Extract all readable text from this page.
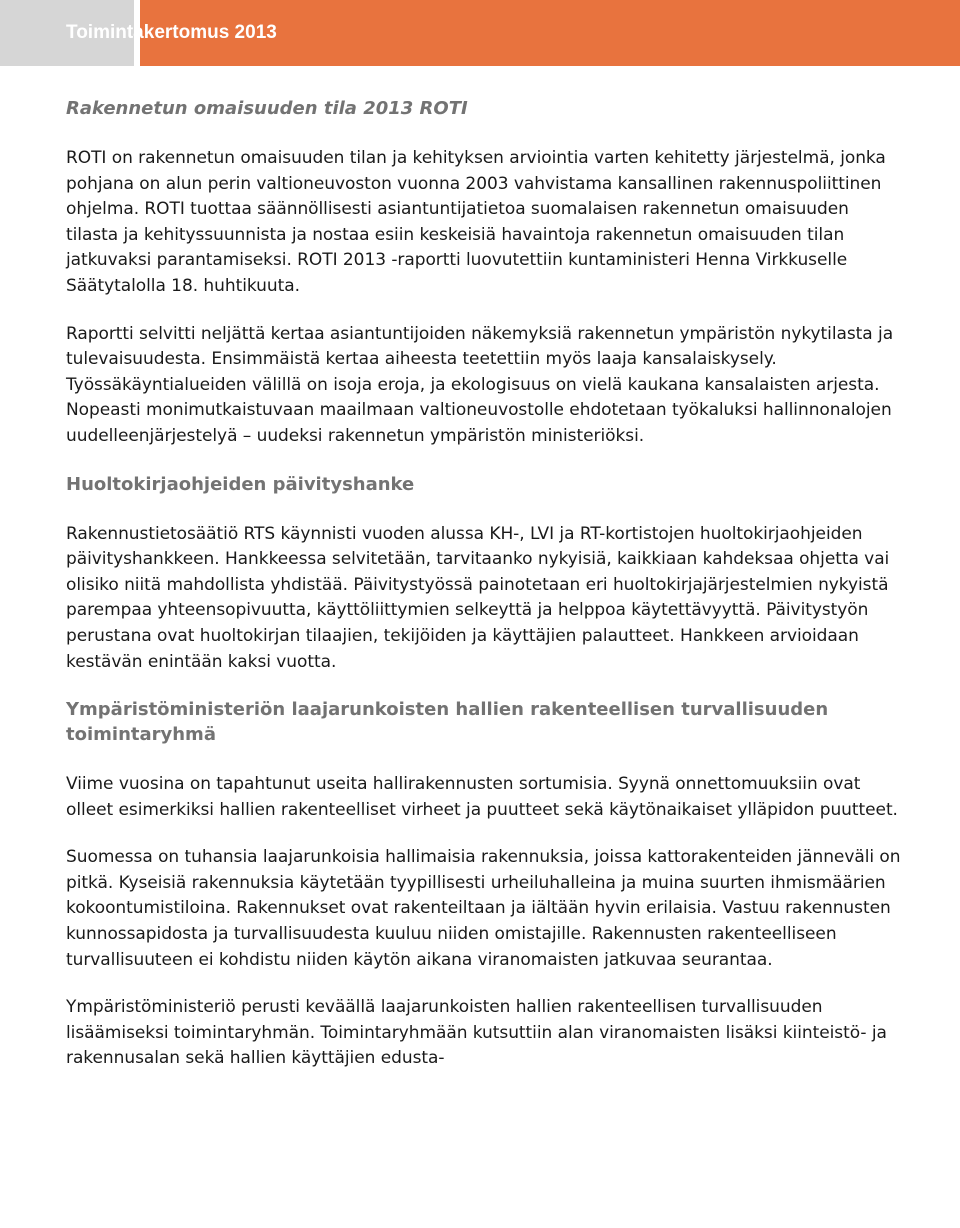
Toimintakertomus 2013
Rakennetun omaisuuden tila 2013 ROTI

ROTI on rakennetun omaisuuden tilan ja kehityksen arviointia varten kehitetty järjestelmä, jonka pohjana on alun perin valtioneuvoston vuonna 2003 vahvistama kansallinen rakennuspoliittinen ohjelma. ROTI tuottaa säännöllisesti asiantuntijatietoa suomalaisen rakennetun omaisuuden tilasta ja kehityssuunnista ja nostaa esiin keskeisiä havaintoja rakennetun omaisuuden tilan jatkuvaksi parantamiseksi. ROTI 2013 -raportti luovutettiin kuntaministeri Henna Virkkuselle Säätytalolla 18. huhtikuuta.

Raportti selvitti neljättä kertaa asiantuntijoiden näkemyksiä rakennetun ympäristön nykytilasta ja tulevaisuudesta. Ensimmäistä kertaa aiheesta teetettiin myös laaja kansalaiskysely. Työssäkäyntialueiden välillä on isoja eroja, ja ekologisuus on vielä kaukana kansalaisten arjesta. Nopeasti monimutkaistuvaan maailmaan valtioneuvostolle ehdotetaan työkaluksi hallinnonalojen uudelleenjärjestelyä – uudeksi rakennetun ympäristön ministeriöksi.

Huoltokirjaohjeiden päivityshanke

Rakennustietosäätiö RTS käynnisti vuoden alussa KH-, LVI ja RT-kortistojen huoltokirjaohjeiden päivityshankkeen. Hankkeessa selvitetään, tarvitaanko nykyisiä, kaikkiaan kahdeksaa ohjetta vai olisiko niitä mahdollista yhdistää. Päivitystyössä painotetaan eri huoltokirjajärjestelmien nykyistä parempaa yhteensopivuutta, käyttöliittymien selkeyttä ja helppoa käytettävyyttä. Päivitystyön perustana ovat huoltokirjan tilaajien, tekijöiden ja käyttäjien palautteet. Hankkeen arvioidaan kestävän enintään kaksi vuotta.

Ympäristöministeriön laajarunkoisten hallien rakenteellisen turvallisuuden toimintaryhmä

Viime vuosina on tapahtunut useita hallirakennusten sortumisia. Syynä onnettomuuksiin ovat olleet esimerkiksi hallien rakenteelliset virheet ja puutteet sekä käytönaikaiset ylläpidon puutteet.

Suomessa on tuhansia laajarunkoisia hallimaisia rakennuksia, joissa kattorakenteiden jänneväli on pitkä. Kyseisiä rakennuksia käytetään tyypillisesti urheiluhalleina ja muina suurten ihmismäärien kokoontumistiloina. Rakennukset ovat rakenteiltaan ja iältään hyvin erilaisia. Vastuu rakennusten kunnossapidosta ja turvallisuudesta kuuluu niiden omistajille. Rakennusten rakenteelliseen turvallisuuteen ei kohdistu niiden käytön aikana viranomaisten jatkuvaa seurantaa.

Ympäristöministeriö perusti keväällä laajarunkoisten hallien rakenteellisen turvallisuuden lisäämiseksi toimintaryhmän. Toimintaryhmään kutsuttiin alan viranomaisten lisäksi kiinteistö- ja rakennusalan sekä hallien käyttäjien edusta-
